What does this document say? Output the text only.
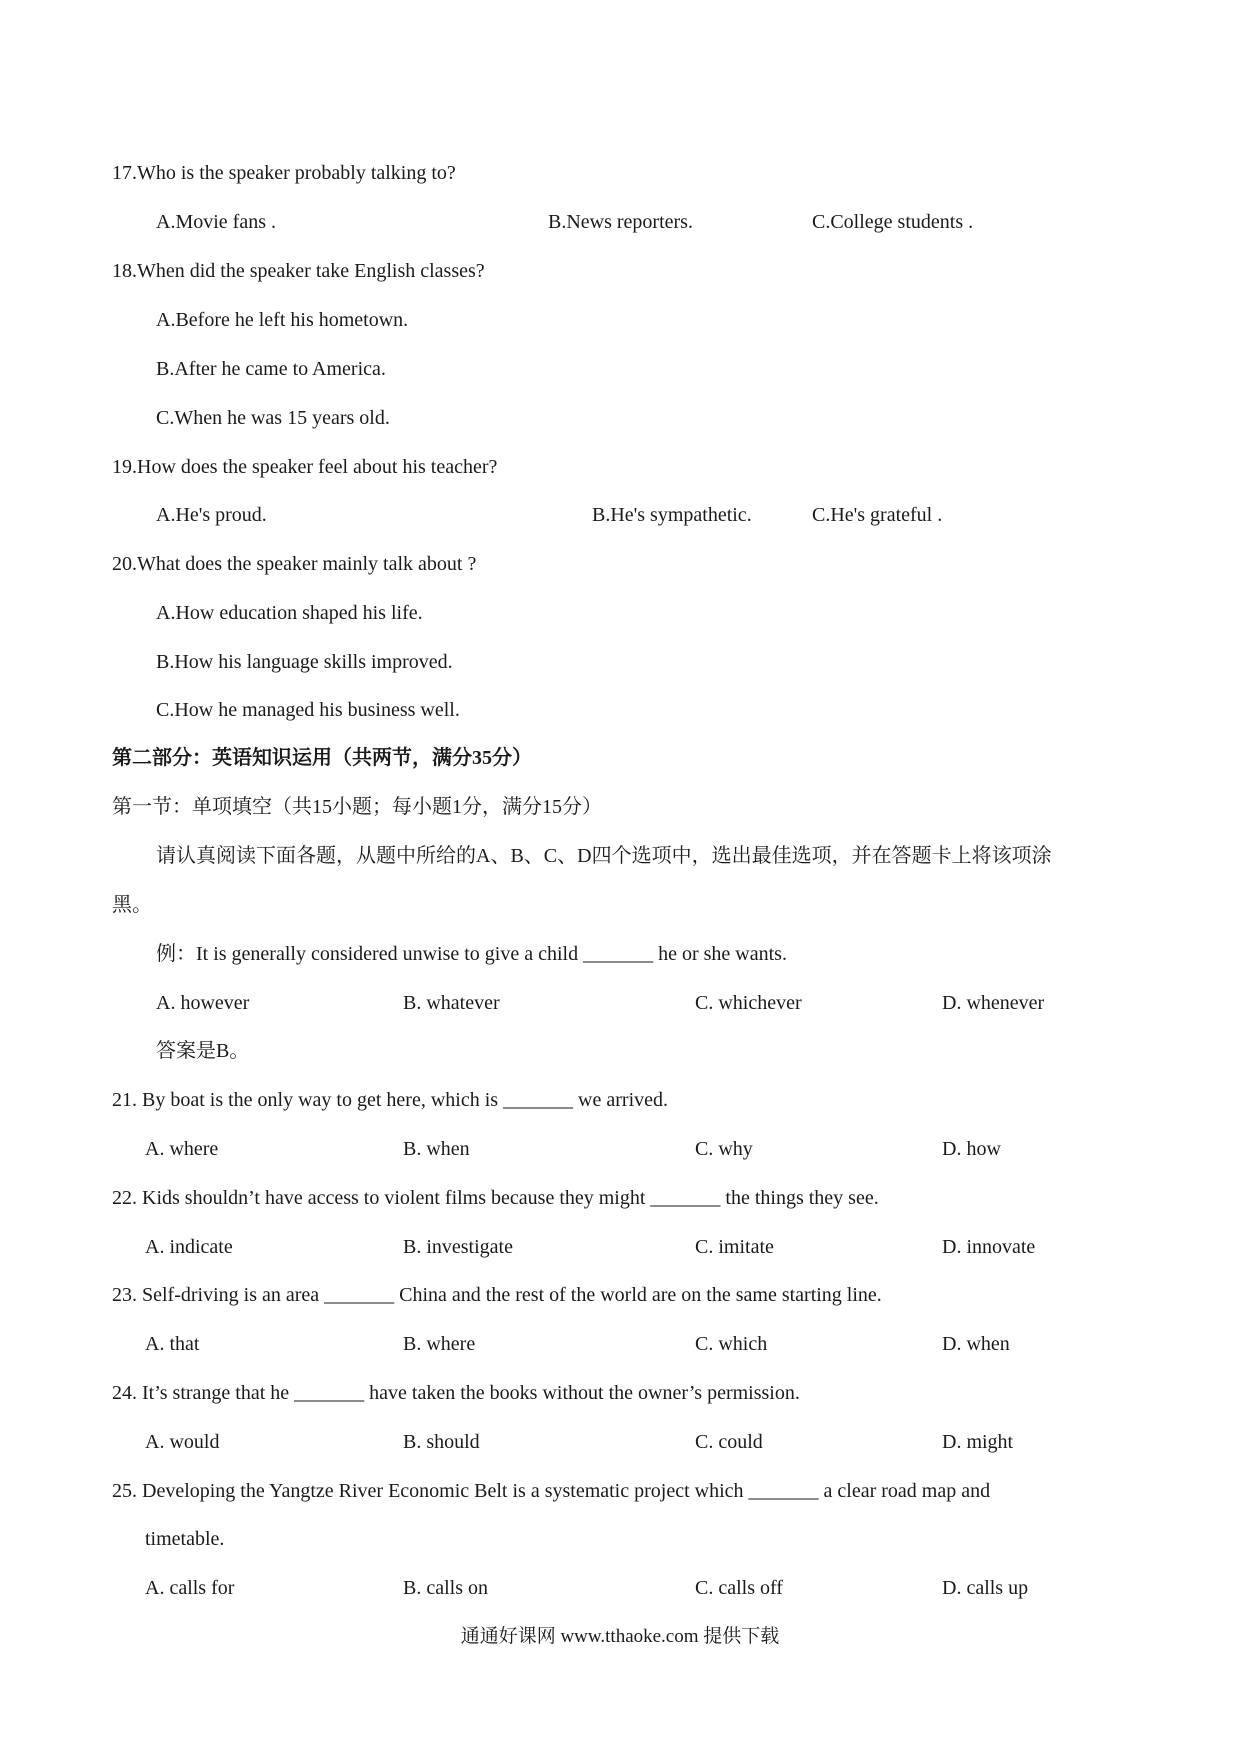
17.Who is the speaker probably talking to?
A.Movie fans .	B.News reporters.	C.College students .
18.When did the speaker take English classes?
A.Before he left his hometown.
B.After he came to America.
C.When he was 15 years old.
19.How does the speaker feel about his teacher?
A.He's proud.	B.He's sympathetic.	C.He's grateful .
20.What does the speaker mainly talk about ?
A.How education shaped his life.
B.How his language skills improved.
C.How he managed his business well.
第二部分：英语知识运用（共两节，满分35分）
第一节：单项填空（共15小题；每小题1分，满分15分）
请认真阅读下面各题，从题中所给的A、B、C、D四个选项中，选出最佳选项，并在答题卡上将该项涂
黑。
例：It is generally considered unwise to give a child _______ he or she wants.
A. however	B. whatever	C. whichever	D. whenever
答案是B。
21. By boat is the only way to get here, which is _______ we arrived.
A. where	B. when	C. why	D. how
22. Kids shouldn’t have access to violent films because they might _______ the things they see.
A. indicate	B. investigate	C. imitate	D. innovate
23. Self-driving is an area _______ China and the rest of the world are on the same starting line.
A. that	B. where	C. which	D. when
24. It’s strange that he _______ have taken the books without the owner’s permission.
A. would	B. should	C. could	D. might
25. Developing the Yangtze River Economic Belt is a systematic project which _______ a clear road map and
timetable.
A. calls for	B. calls on	C. calls off	D. calls up
通通好课网 www.tthaoke.com 提供下载
